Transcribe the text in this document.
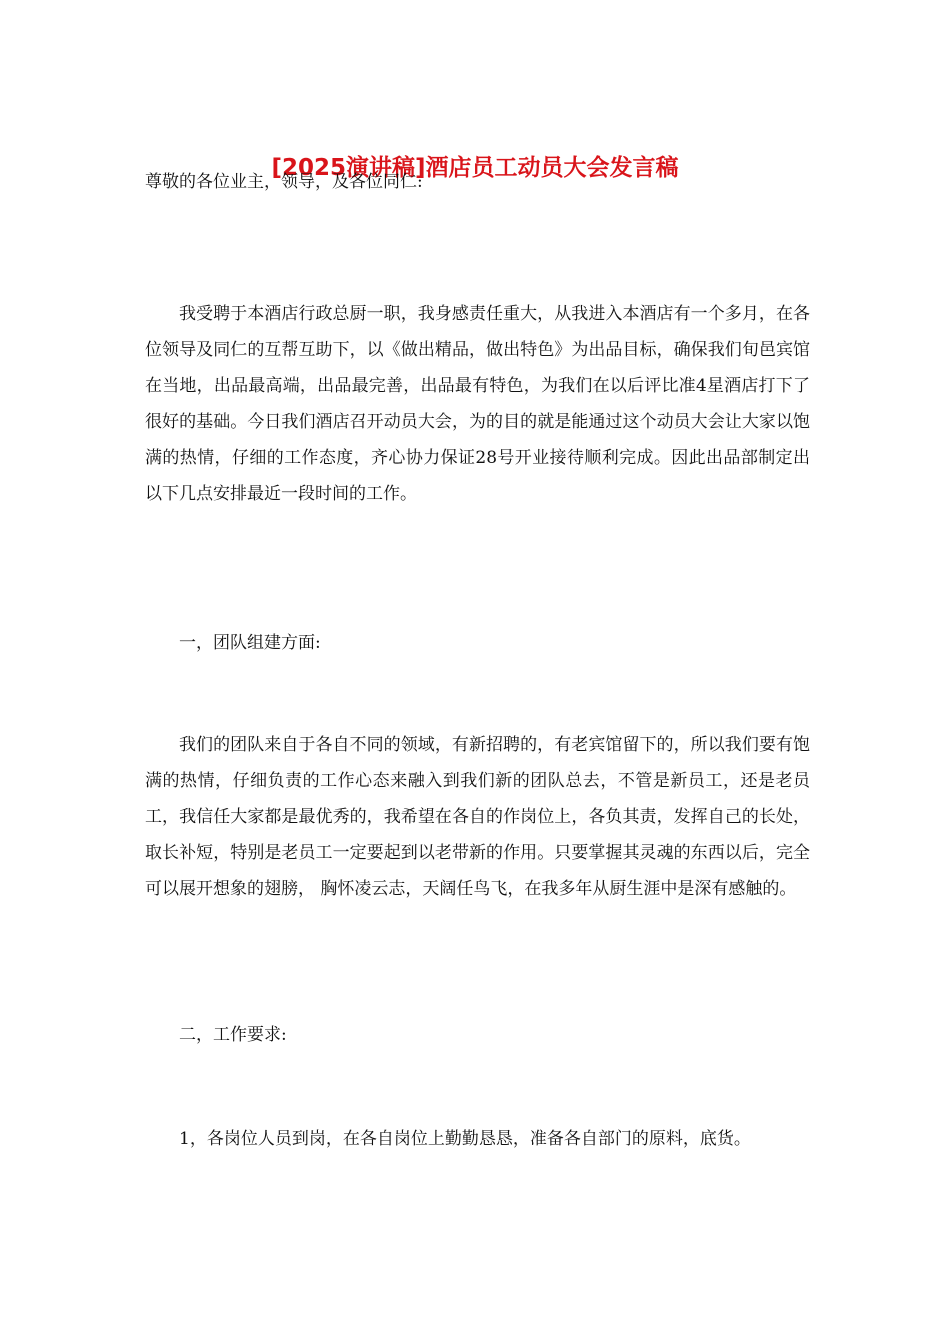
[2025演讲稿]酒店员工动员大会发言稿

尊敬的各位业主，领导，及各位同仁:

我受聘于本酒店行政总厨一职，我身感责任重大，从我进入本酒店有一个多月，在各位领导及同仁的互帮互助下，以《做出精品，做出特色》为出品目标，确保我们旬邑宾馆在当地，出品最高端，出品最完善，出品最有特色，为我们在以后评比准4星酒店打下了很好的基础。今日我们酒店召开动员大会，为的目的就是能通过这个动员大会让大家以饱满的热情，仔细的工作态度，齐心协力保证28号开业接待顺利完成。因此出品部制定出以下几点安排最近一段时间的工作。

一，团队组建方面:

我们的团队来自于各自不同的领域，有新招聘的，有老宾馆留下的，所以我们要有饱满的热情，仔细负责的工作心态来融入到我们新的团队总去，不管是新员工，还是老员工，我信任大家都是最优秀的，我希望在各自的作岗位上，各负其责，发挥自己的长处，取长补短，特别是老员工一定要起到以老带新的作用。只要掌握其灵魂的东西以后，完全可以展开想象的翅膀， 胸怀凌云志，天阔任鸟飞，在我多年从厨生涯中是深有感触的。

二，工作要求:

1，各岗位人员到岗，在各自岗位上勤勤恳恳，准备各自部门的原料，底货。
